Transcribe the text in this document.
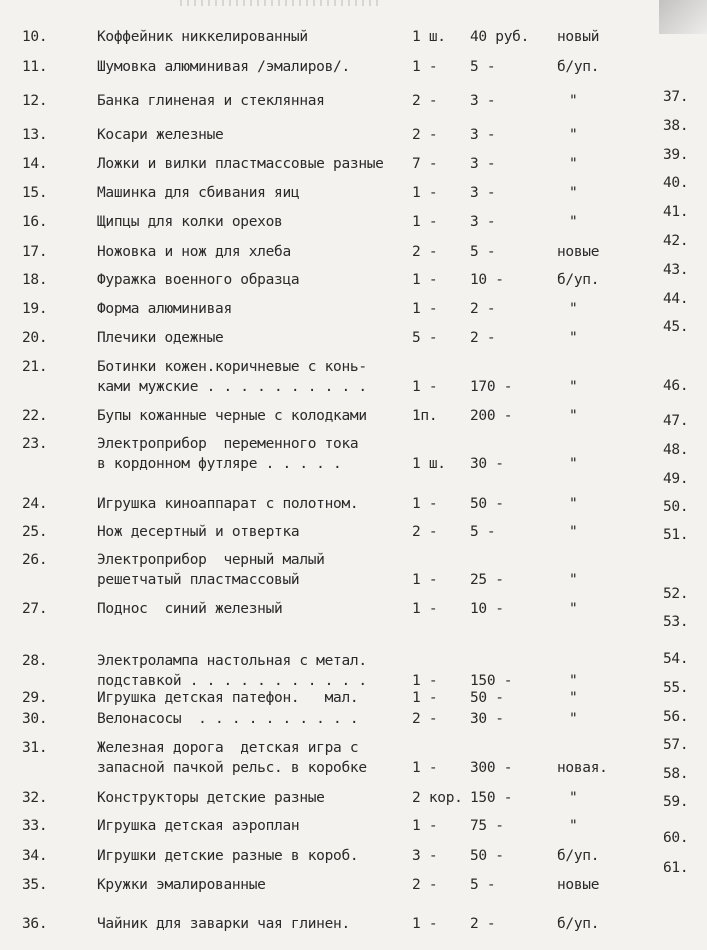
10.	Коффейник никкелированный	1 ш. 40 руб. новый
11.	Шумовка алюминивая /эмалиров/.	1 - 5 -	б/уп.
12.	Банка глиненая и стеклянная	2 - 3 -	"
13.	Косари железные	2 - 3 -	"
14.	Ложки и вилки пластмассовые разные 7 - 3 -	"
15.	Машинка для сбивания яиц	1 - 3 -	"
16.	Щипцы для колки орехов	1 - 3 -	"
17.	Ножовка и нож для хлеба	2 - 5 -	новые
18.	Фуражка военного образца	1 - 10 -	б/уп.
19.	Форма алюминивая	1 - 2 -	"
20.	Плечики одежные	5 - 2 -	"
21.	Ботинки кожен.коричневые с конь-
ками мужские . . . . . . . . . .	1 - 170 -	"
22.	Бупы кожанные черные с колодками	1п. 200 -	"
23.	Электроприбор  переменного тока
в кордонном футляре . . . . .	1 ш. 30 -	"
24.	Игрушка киноаппарат с полотном.	1 - 50 -	"
25.	Нож десертный и отвертка	2 - 5 -	"
26.	Электроприбор  черный малый
решетчатый пластмассовый	1 - 25 -	"
27.	Поднос  синий железный	1 - 10 -	"
28.	Электролампа настольная с метал.
подставкой . . . . . . . . . . .	1 - 150 -	"
29.	Игрушка детская патефон.   мал.	1 - 50 -	"
30.	Велонасосы  . . . . . . . . . .	2 - 30 -	"
31.	Железная дорога  детская игра с
запасной пачкой рельс. в коробке	1 - 300 -	новая.
32.	Конструкторы детские разные	2 кор. 150 -	"
33.	Игрушка детская аэроплан	1 - 75 -	"
34.	Игрушки детские разные в короб.	3 - 50 -	б/уп.
35.	Кружки эмалированные	2 - 5 -	новые
36.	Чайник для заварки чая глинен.	1 - 2 -	б/уп.
37.
38.
39.
40.
41.
42.
43.
44.
45.
46.
47.
48.
49.
50.
51.
52.
53.
54.
55.
56.
57.
58.
59.
60.
61.
